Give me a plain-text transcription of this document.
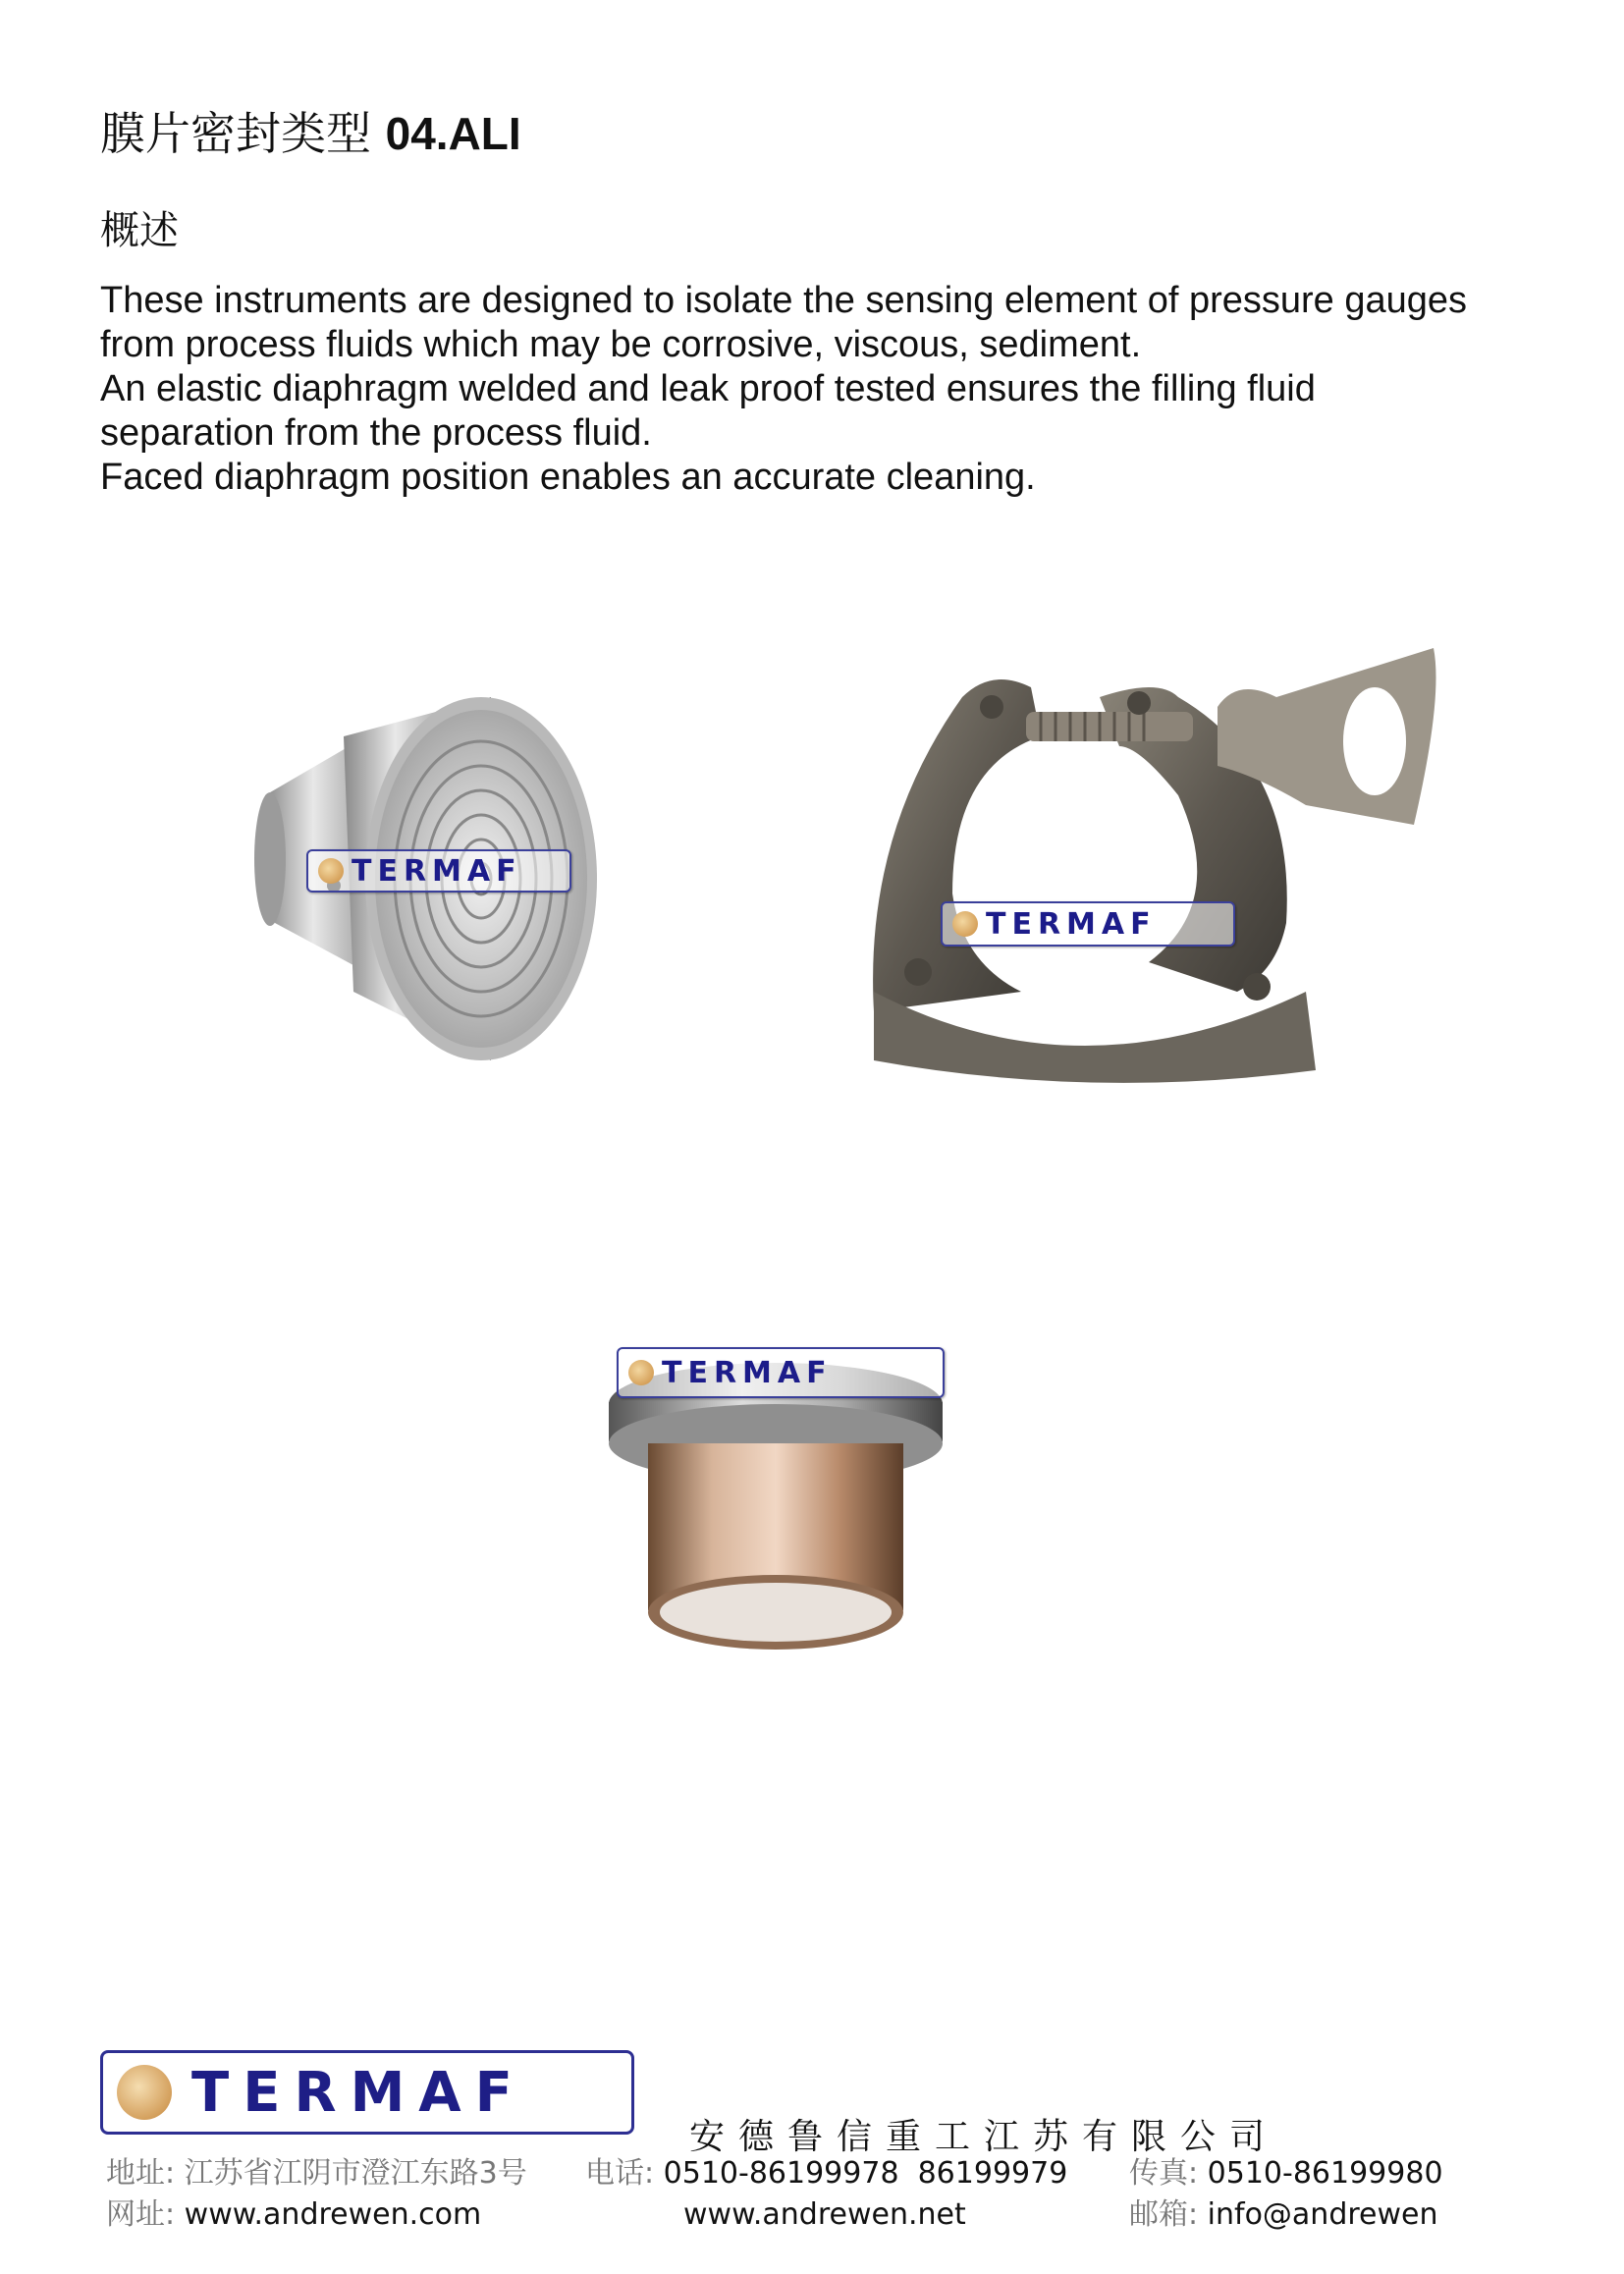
膜片密封类型 04.ALI
概述
These instruments are designed to isolate the sensing element of pressure gauges
from process fluids which may be corrosive, viscous, sediment.
An elastic diaphragm welded and leak proof tested ensures the filling fluid
separation from the process fluid.
Faced diaphragm position enables an accurate cleaning.
TERMAF
TERMAF
TERMAF
TERMAF
安德鲁信重工江苏有限公司
地址: 江苏省江阴市澄江东路3号 电话: 0510-86199978  86199979 传真: 0510-86199980
网址: www.andrewen.com	www.andrewen.net	邮箱: info@andrewen
